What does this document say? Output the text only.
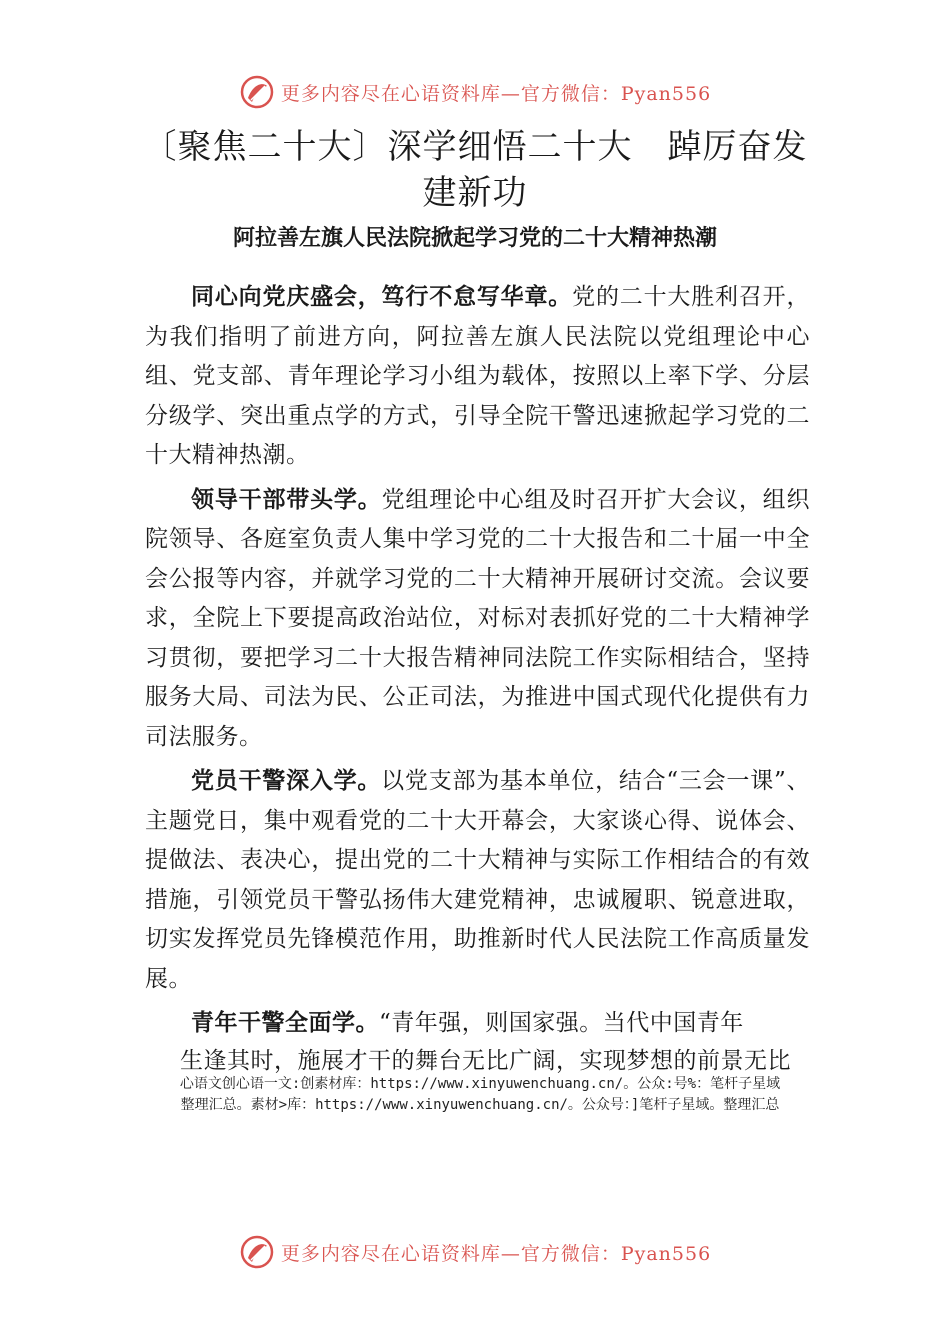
更多内容尽在心语资料库—官方微信：Pyan556
〔聚焦二十大〕深学细悟二十大　踔厉奋发建新功
阿拉善左旗人民法院掀起学习党的二十大精神热潮

同心向党庆盛会，笃行不怠写华章。党的二十大胜利召开，为我们指明了前进方向，阿拉善左旗人民法院以党组理论中心组、党支部、青年理论学习小组为载体，按照以上率下学、分层分级学、突出重点学的方式，引导全院干警迅速掀起学习党的二十大精神热潮。

领导干部带头学。党组理论中心组及时召开扩大会议，组织院领导、各庭室负责人集中学习党的二十大报告和二十届一中全会公报等内容，并就学习党的二十大精神开展研讨交流。会议要求，全院上下要提高政治站位，对标对表抓好党的二十大精神学习贯彻，要把学习二十大报告精神同法院工作实际相结合，坚持服务大局、司法为民、公正司法，为推进中国式现代化提供有力司法服务。

党员干警深入学。以党支部为基本单位，结合“三会一课”、主题党日，集中观看党的二十大开幕会，大家谈心得、说体会、提做法、表决心，提出党的二十大精神与实际工作相结合的有效措施，引领党员干警弘扬伟大建党精神，忠诚履职、锐意进取，切实发挥党员先锋模范作用，助推新时代人民法院工作高质量发展。

青年干警全面学。“青年强，则国家强。当代中国青年

生逢其时，施展才干的舞台无比广阔，实现梦想的前景无比
心语文创心语一文:创素材库：https://www.xinyuwenchuang.cn/。公众:号%：笔杆子星域
整理汇总。素材>库：https://www.xinyuwenchuang.cn/。公众号：]笔杆子星域。整理汇总
更多内容尽在心语资料库—官方微信：Pyan556
